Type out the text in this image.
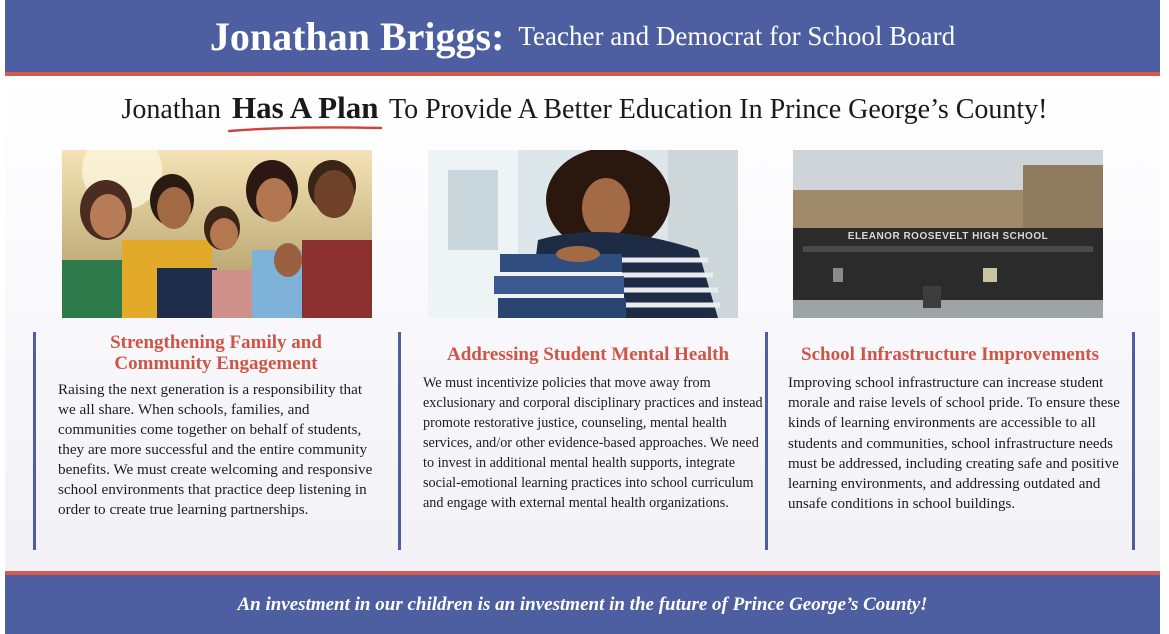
Jonathan Briggs: Teacher and Democrat for School Board
Jonathan Has A Plan To Provide A Better Education In Prince George’s County!
ELEANOR ROOSEVELT HIGH SCHOOL

Strengthening Family and Community Engagement

Raising the next generation is a responsibility that we all share. When schools, families, and communities come together on behalf of students, they are more successful and the entire community benefits. We must create welcoming and responsive school environments that practice deep listening in order to create true learning partnerships.

Addressing Student Mental Health

We must incentivize policies that move away from exclusionary and corporal disciplinary practices and instead promote restorative justice, counseling, mental health services, and/or other evidence-based approaches. We need to invest in additional mental health supports, integrate social-emotional learning practices into school curriculum and engage with external mental health organizations.

School Infrastructure Improvements

Improving school infrastructure can increase student morale and raise levels of school pride. To ensure these kinds of learning environments are accessible to all students and communities, school infrastructure needs must be addressed, including creating safe and positive learning environments, and addressing outdated and unsafe conditions in school buildings.

An investment in our children is an investment in the future of Prince George’s County!
